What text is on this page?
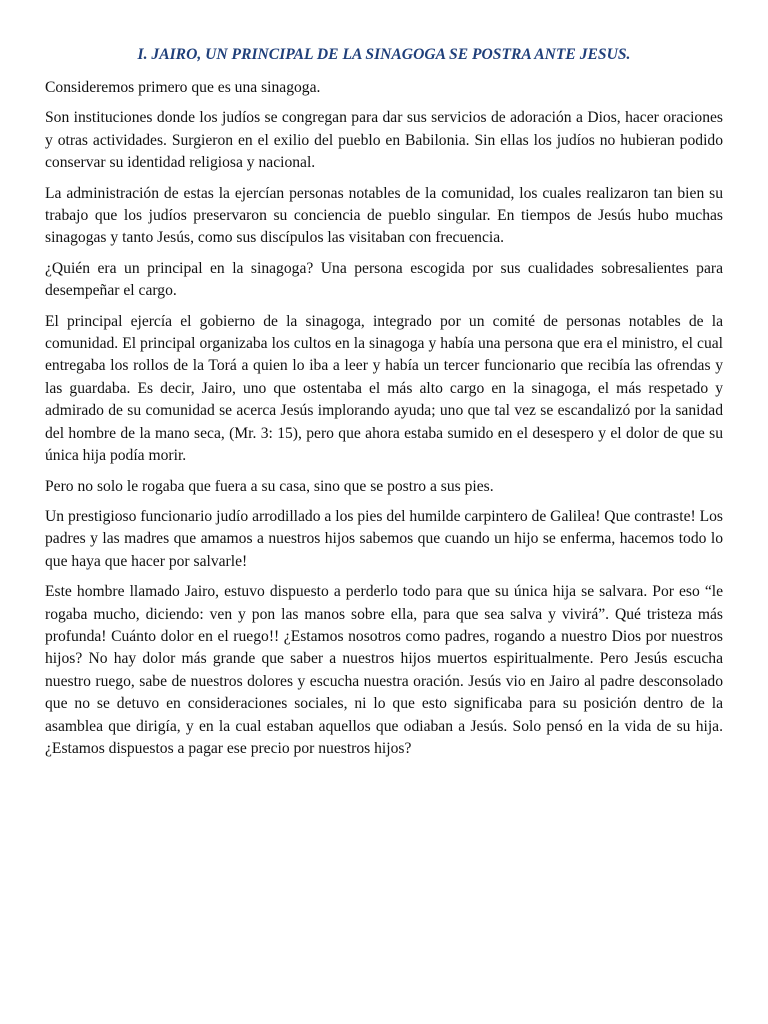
I. JAIRO, UN PRINCIPAL DE LA SINAGOGA SE POSTRA ANTE JESUS.

Consideremos primero que es una sinagoga.

Son instituciones donde los judíos se congregan para dar sus servicios de adoración a Dios, hacer oraciones y otras actividades. Surgieron en el exilio del pueblo en Babilonia. Sin ellas los judíos no hubieran podido conservar su identidad religiosa y nacional.

La administración de estas la ejercían personas notables de la comunidad, los cuales realizaron tan bien su trabajo que los judíos preservaron su conciencia de pueblo singular. En tiempos de Jesús hubo muchas sinagogas y tanto Jesús, como sus discípulos las visitaban con frecuencia.

¿Quién era un principal en la sinagoga? Una persona escogida por sus cualidades sobresalientes para desempeñar el cargo.

El principal ejercía el gobierno de la sinagoga, integrado por un comité de personas notables de la comunidad. El principal organizaba los cultos en la sinagoga y había una persona que era el ministro, el cual entregaba los rollos de la Torá a quien lo iba a leer y había un tercer funcionario que recibía las ofrendas y las guardaba. Es decir, Jairo, uno que ostentaba el más alto cargo en la sinagoga, el más respetado y admirado de su comunidad se acerca Jesús implorando ayuda; uno que tal vez se escandalizó por la sanidad del hombre de la mano seca, (Mr. 3: 15), pero que ahora estaba sumido en el desespero y el dolor de que su única hija podía morir.

Pero no solo le rogaba que fuera a su casa, sino que se postro a sus pies.

Un prestigioso funcionario judío arrodillado a los pies del humilde carpintero de Galilea! Que contraste! Los padres y las madres que amamos a nuestros hijos sabemos que cuando un hijo se enferma, hacemos todo lo que haya que hacer por salvarle!

Este hombre llamado Jairo, estuvo dispuesto a perderlo todo para que su única hija se salvara. Por eso “le rogaba mucho, diciendo: ven y pon las manos sobre ella, para que sea salva y vivirá”. Qué tristeza más profunda! Cuánto dolor en el ruego!! ¿Estamos nosotros como padres, rogando a nuestro Dios por nuestros hijos? No hay dolor más grande que saber a nuestros hijos muertos espiritualmente. Pero Jesús escucha nuestro ruego, sabe de nuestros dolores y escucha nuestra oración. Jesús vio en Jairo al padre desconsolado que no se detuvo en consideraciones sociales, ni lo que esto significaba para su posición dentro de la asamblea que dirigía, y en la cual estaban aquellos que odiaban a Jesús. Solo pensó en la vida de su hija. ¿Estamos dispuestos a pagar ese precio por nuestros hijos?
